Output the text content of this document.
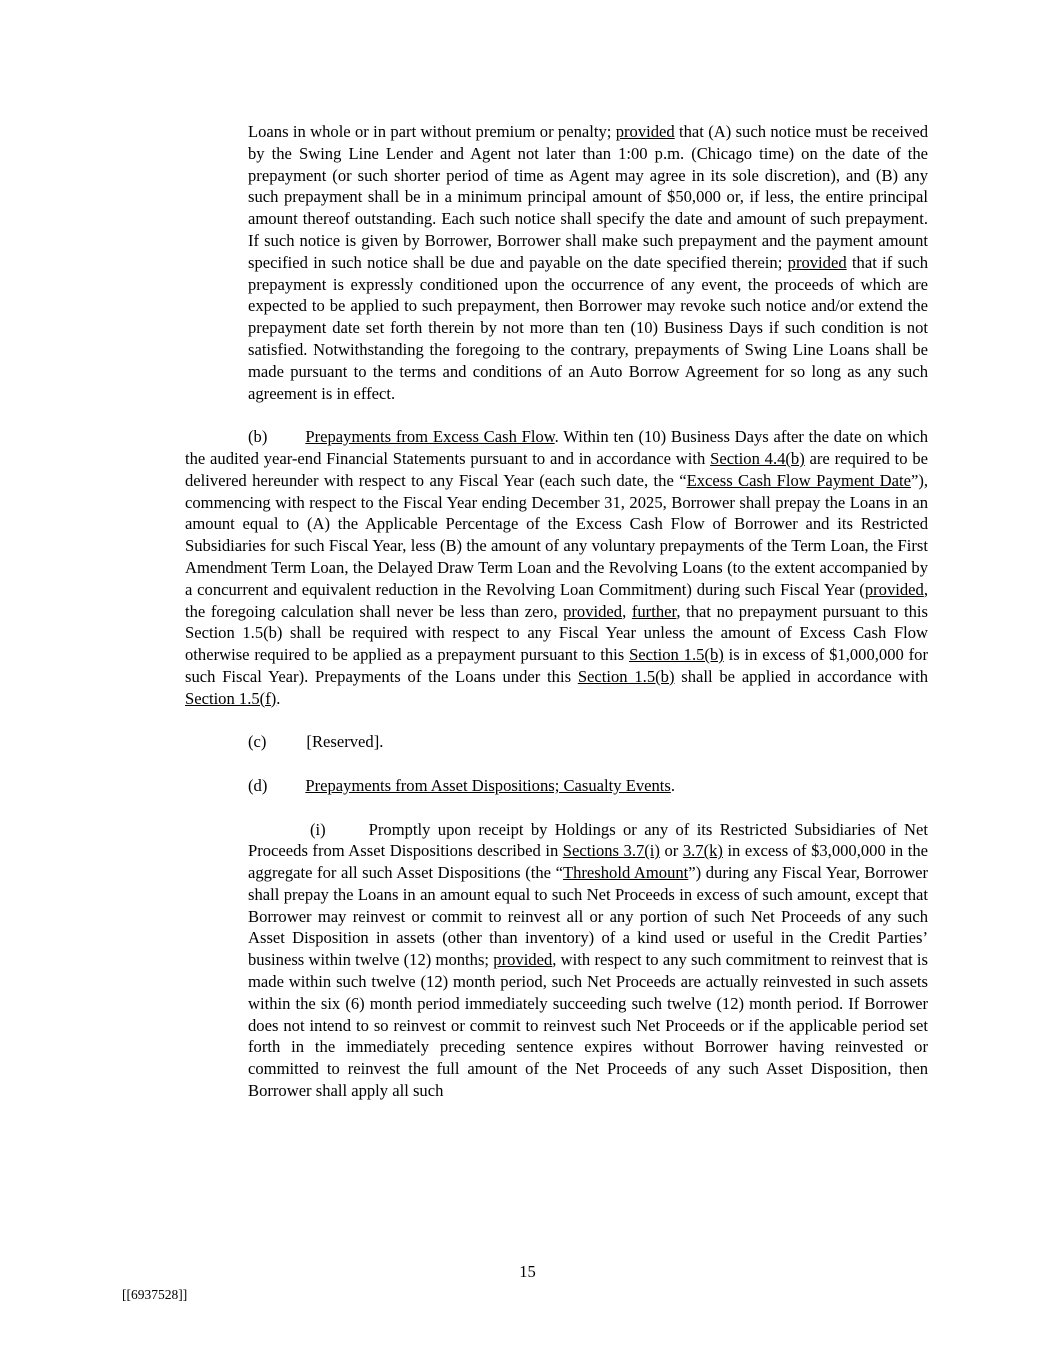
Loans in whole or in part without premium or penalty; provided that (A) such notice must be received by the Swing Line Lender and Agent not later than 1:00 p.m. (Chicago time) on the date of the prepayment (or such shorter period of time as Agent may agree in its sole discretion), and (B) any such prepayment shall be in a minimum principal amount of $50,000 or, if less, the entire principal amount thereof outstanding. Each such notice shall specify the date and amount of such prepayment. If such notice is given by Borrower, Borrower shall make such prepayment and the payment amount specified in such notice shall be due and payable on the date specified therein; provided that if such prepayment is expressly conditioned upon the occurrence of any event, the proceeds of which are expected to be applied to such prepayment, then Borrower may revoke such notice and/or extend the prepayment date set forth therein by not more than ten (10) Business Days if such condition is not satisfied. Notwithstanding the foregoing to the contrary, prepayments of Swing Line Loans shall be made pursuant to the terms and conditions of an Auto Borrow Agreement for so long as any such agreement is in effect.

(b) Prepayments from Excess Cash Flow. Within ten (10) Business Days after the date on which the audited year-end Financial Statements pursuant to and in accordance with Section 4.4(b) are required to be delivered hereunder with respect to any Fiscal Year (each such date, the “Excess Cash Flow Payment Date”), commencing with respect to the Fiscal Year ending December 31, 2025, Borrower shall prepay the Loans in an amount equal to (A) the Applicable Percentage of the Excess Cash Flow of Borrower and its Restricted Subsidiaries for such Fiscal Year, less (B) the amount of any voluntary prepayments of the Term Loan, the First Amendment Term Loan, the Delayed Draw Term Loan and the Revolving Loans (to the extent accompanied by a concurrent and equivalent reduction in the Revolving Loan Commitment) during such Fiscal Year (provided, the foregoing calculation shall never be less than zero, provided, further, that no prepayment pursuant to this Section 1.5(b) shall be required with respect to any Fiscal Year unless the amount of Excess Cash Flow otherwise required to be applied as a prepayment pursuant to this Section 1.5(b) is in excess of $1,000,000 for such Fiscal Year). Prepayments of the Loans under this Section 1.5(b) shall be applied in accordance with Section 1.5(f).

(c) [Reserved].

(d) Prepayments from Asset Dispositions; Casualty Events.

(i)	Promptly upon receipt by Holdings or any of its Restricted Subsidiaries of Net Proceeds from Asset Dispositions described in Sections 3.7(i) or 3.7(k) in excess of $3,000,000 in the aggregate for all such Asset Dispositions (the “Threshold Amount”) during any Fiscal Year, Borrower shall prepay the Loans in an amount equal to such Net Proceeds in excess of such amount, except that Borrower may reinvest or commit to reinvest all or any portion of such Net Proceeds of any such Asset Disposition in assets (other than inventory) of a kind used or useful in the Credit Parties’ business within twelve (12) months; provided, with respect to any such commitment to reinvest that is made within such twelve (12) month period, such Net Proceeds are actually reinvested in such assets within the six (6) month period immediately succeeding such twelve (12) month period. If Borrower does not intend to so reinvest or commit to reinvest such Net Proceeds or if the applicable period set forth in the immediately preceding sentence expires without Borrower having reinvested or committed to reinvest the full amount of the Net Proceeds of any such Asset Disposition, then Borrower shall apply all such

15
[[6937528]]
